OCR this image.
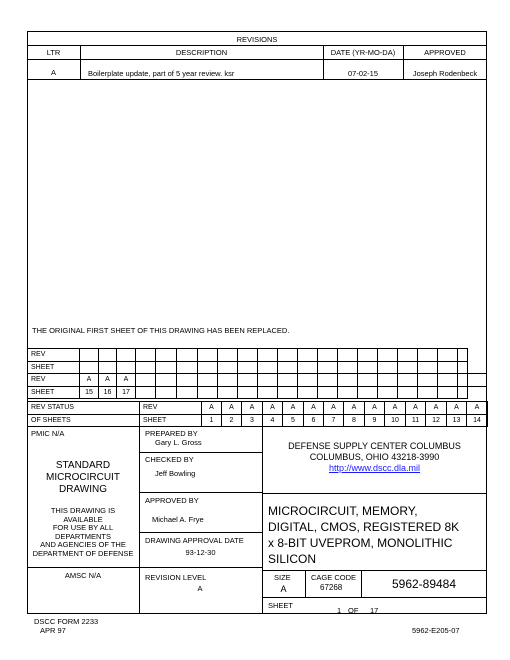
REVISIONS
LTR	DESCRIPTION	DATE (YR-MO-DA)	APPROVED
A	Boilerplate update, part of 5 year review. ksr	07-02-15	Joseph Rodenbeck
THE ORIGINAL FIRST SHEET OF THIS DRAWING HAS BEEN REPLACED.
REV																					
SHEET																					
REV	A	A	A																		
SHEET	15	16	17																		
REV STATUS	REV	A	A	A	A	A	A	A	A	A	A	A	A	A	A
OF SHEETS	SHEET	1	2	3	4	5	6	7	8	9	10	11	12	13	14
PMIC N/A
STANDARD
MICROCIRCUIT
DRAWING
THIS DRAWING IS
AVAILABLE
FOR USE BY ALL
DEPARTMENTS
AND AGENCIES OF THE
DEPARTMENT OF DEFENSE
AMSC N/A
PREPARED BY
Gary L. Gross
CHECKED BY
Jeff Bowling
APPROVED BY
Michael A. Frye
DRAWING APPROVAL DATE
93-12-30
REVISION LEVEL
A
DEFENSE SUPPLY CENTER COLUMBUS
COLUMBUS, OHIO 43218-3990
http://www.dscc.dla.mil
MICROCIRCUIT, MEMORY,
DIGITAL, CMOS, REGISTERED 8K
x 8-BIT UVEPROM, MONOLITHIC
SILICON
SIZE
A
CAGE CODE
67268	5962-89484
SHEET
1 OF 17
DSCC FORM 2233
APR 97	5962-E205-07
